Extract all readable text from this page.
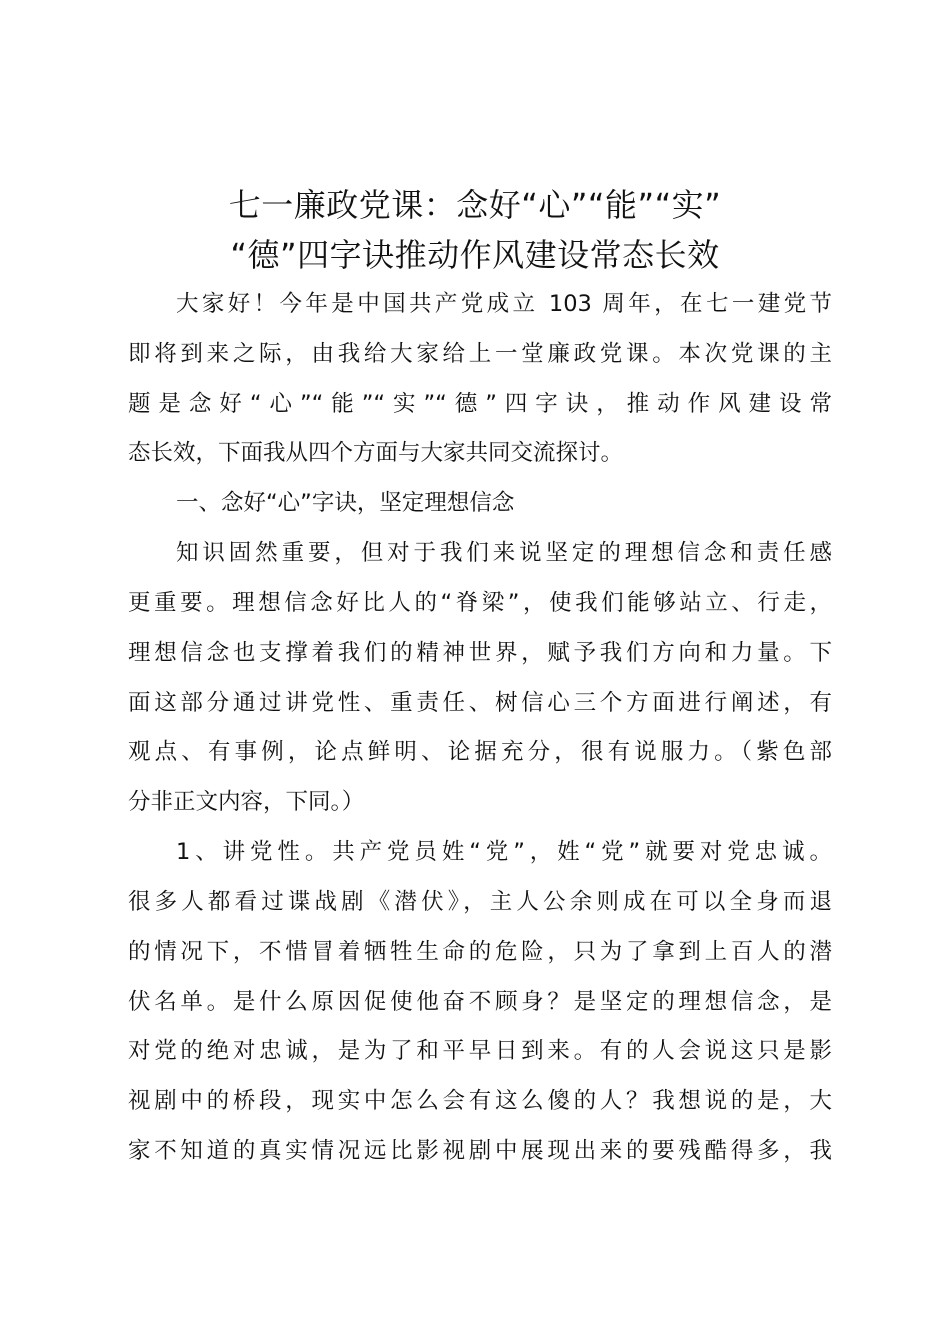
七一廉政党课：念好“心”“能”“实”
“德”四字诀推动作风建设常态长效
大家好！今年是中国共产党成立 103 周年，在七一建党节
即将到来之际，由我给大家给上一堂廉政党课。本次党课的主
题是念好“心”“能”“实”“德”四字诀，推动作风建设常
态长效，下面我从四个方面与大家共同交流探讨。
一、念好“心”字诀，坚定理想信念
知识固然重要，但对于我们来说坚定的理想信念和责任感
更重要。理想信念好比人的“脊梁”，使我们能够站立、行走，
理想信念也支撑着我们的精神世界，赋予我们方向和力量。下
面这部分通过讲党性、重责任、树信心三个方面进行阐述，有
观点、有事例，论点鲜明、论据充分，很有说服力。（紫色部
分非正文内容，下同。）
1、讲党性。共产党员姓“党”，姓“党”就要对党忠诚。
很多人都看过谍战剧《潜伏》，主人公余则成在可以全身而退
的情况下，不惜冒着牺牲生命的危险，只为了拿到上百人的潜
伏名单。是什么原因促使他奋不顾身？是坚定的理想信念，是
对党的绝对忠诚，是为了和平早日到来。有的人会说这只是影
视剧中的桥段，现实中怎么会有这么傻的人？我想说的是，大
家不知道的真实情况远比影视剧中展现出来的要残酷得多，我
